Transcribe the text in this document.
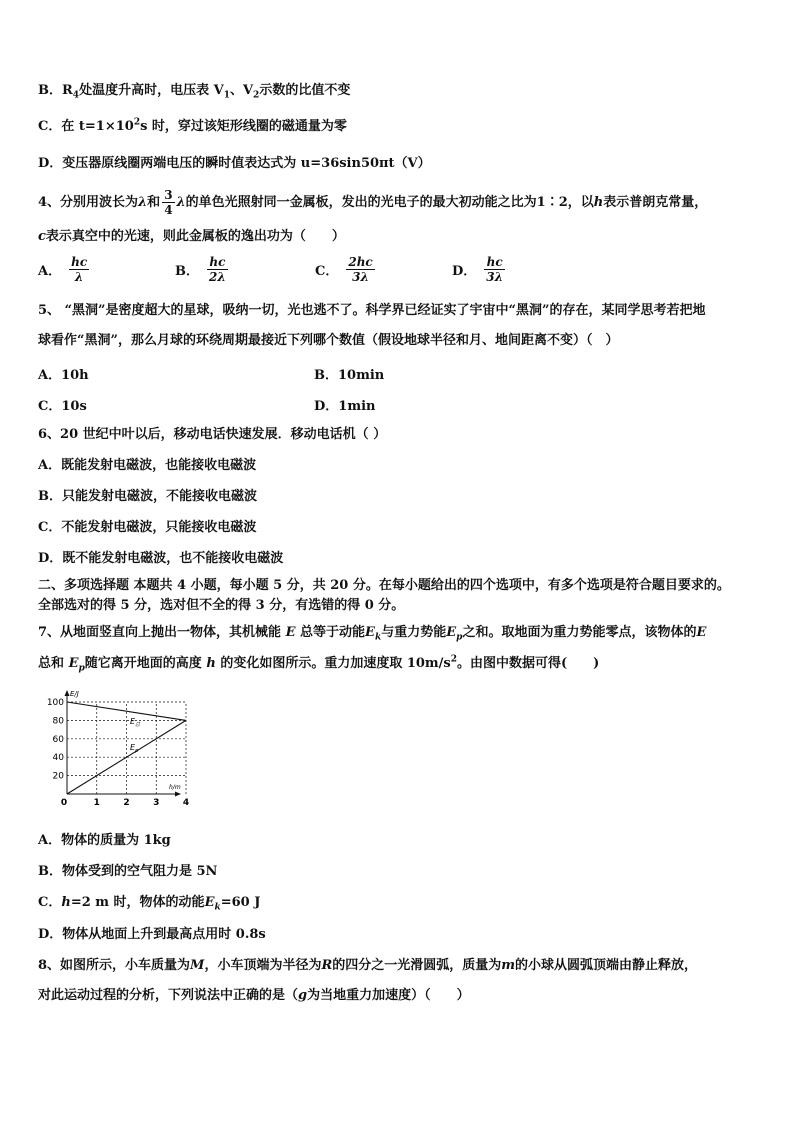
B．$R_4$处温度升高时，电压表 $V_1$、$V_2$示数的比值不变
C．在 $t=1\times 10^2s$ 时，穿过该矩形线圈的磁通量为零
D．变压器原线圈两端电压的瞬时值表达式为 u=36sin50πt（V）
4、分别用波长为λ和 $\frac{3}{4}$ λ的单色光照射同一金属板，发出的光电子的最大初动能之比为1∶2，以h表示普朗克常量，
c表示真空中的光速，则此金属板的逸出功为（　　）
A． $\frac{hc}{\lambda}$	B． $\frac{hc}{2\lambda}$	C． $\frac{2hc}{3\lambda}$	D． $\frac{hc}{3\lambda}$
5、 “黑洞”是密度超大的星球，吸纳一切，光也逃不了。科学界已经证实了宇宙中“黑洞”的存在，某同学思考若把地
球看作“黑洞”，那么月球的环绕周期最接近下列哪个数值（假设地球半径和月、地间距离不变）（　）
A．10h	B．10min
C．10s	D．1min
6、20 世纪中叶以后，移动电话快速发展．移动电话机（ ）
A．既能发射电磁波，也能接收电磁波
B．只能发射电磁波，不能接收电磁波
C．不能发射电磁波，只能接收电磁波
D．既不能发射电磁波，也不能接收电磁波
二、多项选择题 本题共 4 小题，每小题 5 分，共 20 分。在每小题给出的四个选项中，有多个选项是符合题目要求的。
全部选对的得 5 分，选对但不全的得 3 分，有选错的得 0 分。
7、从地面竖直向上抛出一物体，其机械能 E 总等于动能$E_k$与重力势能$E_p$之和。取地面为重力势能零点，该物体的E
总和 $E_p$随它离开地面的高度 h 的变化如图所示。重力加速度取 $10m/s^2$。由图中数据可得(　　)
E/J
h/m
20
40
60
80
100
0	1	2	3	4
$E_总$
$E_p$
A．物体的质量为 1kg
B．物体受到的空气阻力是 5N
C．h=2 m 时，物体的动能$E_k=60$ J
D．物体从地面上升到最高点用时 0.8s
8、如图所示，小车质量为M，小车顶端为半径为R的四分之一光滑圆弧，质量为m的小球从圆弧顶端由静止释放，
对此运动过程的分析，下列说法中正确的是（g为当地重力加速度）（　　）
